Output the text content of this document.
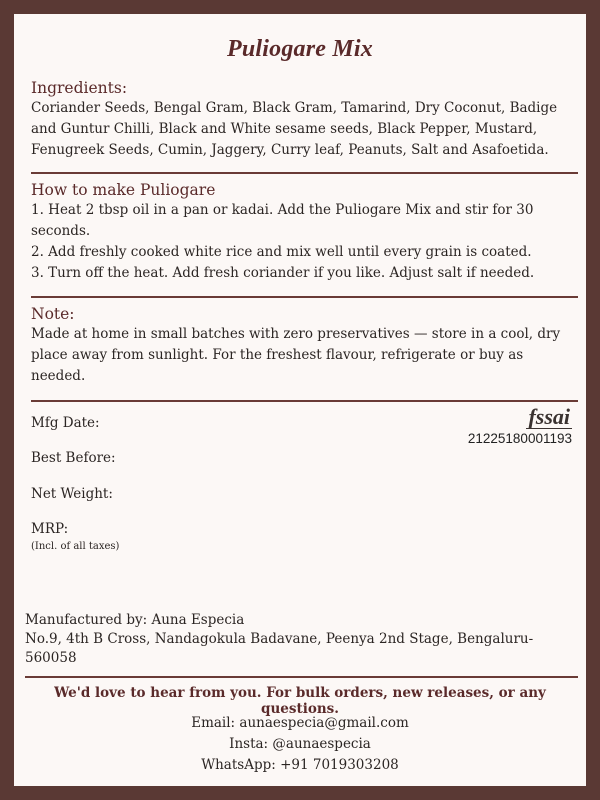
Puliogare Mix

Ingredients:

Coriander Seeds, Bengal Gram, Black Gram, Tamarind, Dry Coconut, Badige and Guntur Chilli, Black and White sesame seeds, Black Pepper, Mustard, Fenugreek Seeds, Cumin, Jaggery, Curry leaf, Peanuts, Salt and Asafoetida.

How to make Puliogare

1. Heat 2 tbsp oil in a pan or kadai. Add the Puliogare Mix and stir for 30 seconds.

2. Add freshly cooked white rice and mix well until every grain is coated.

3. Turn off the heat. Add fresh coriander if you like. Adjust salt if needed.

Note:

Made at home in small batches with zero preservatives — store in a cool, dry place away from sunlight. For the freshest flavour, refrigerate or buy as needed.

Mfg Date:
Best Before:
Net Weight:
MRP:
(Incl. of all taxes)
fssai
21225180001193
Manufactured by: Auna Especia
No.9, 4th B Cross, Nandagokula Badavane, Peenya 2nd Stage, Bengaluru-560058
We'd love to hear from you. For bulk orders, new releases, or any questions.
Email: aunaespecia@gmail.com
Insta: @aunaespecia
WhatsApp: +91 7019303208
